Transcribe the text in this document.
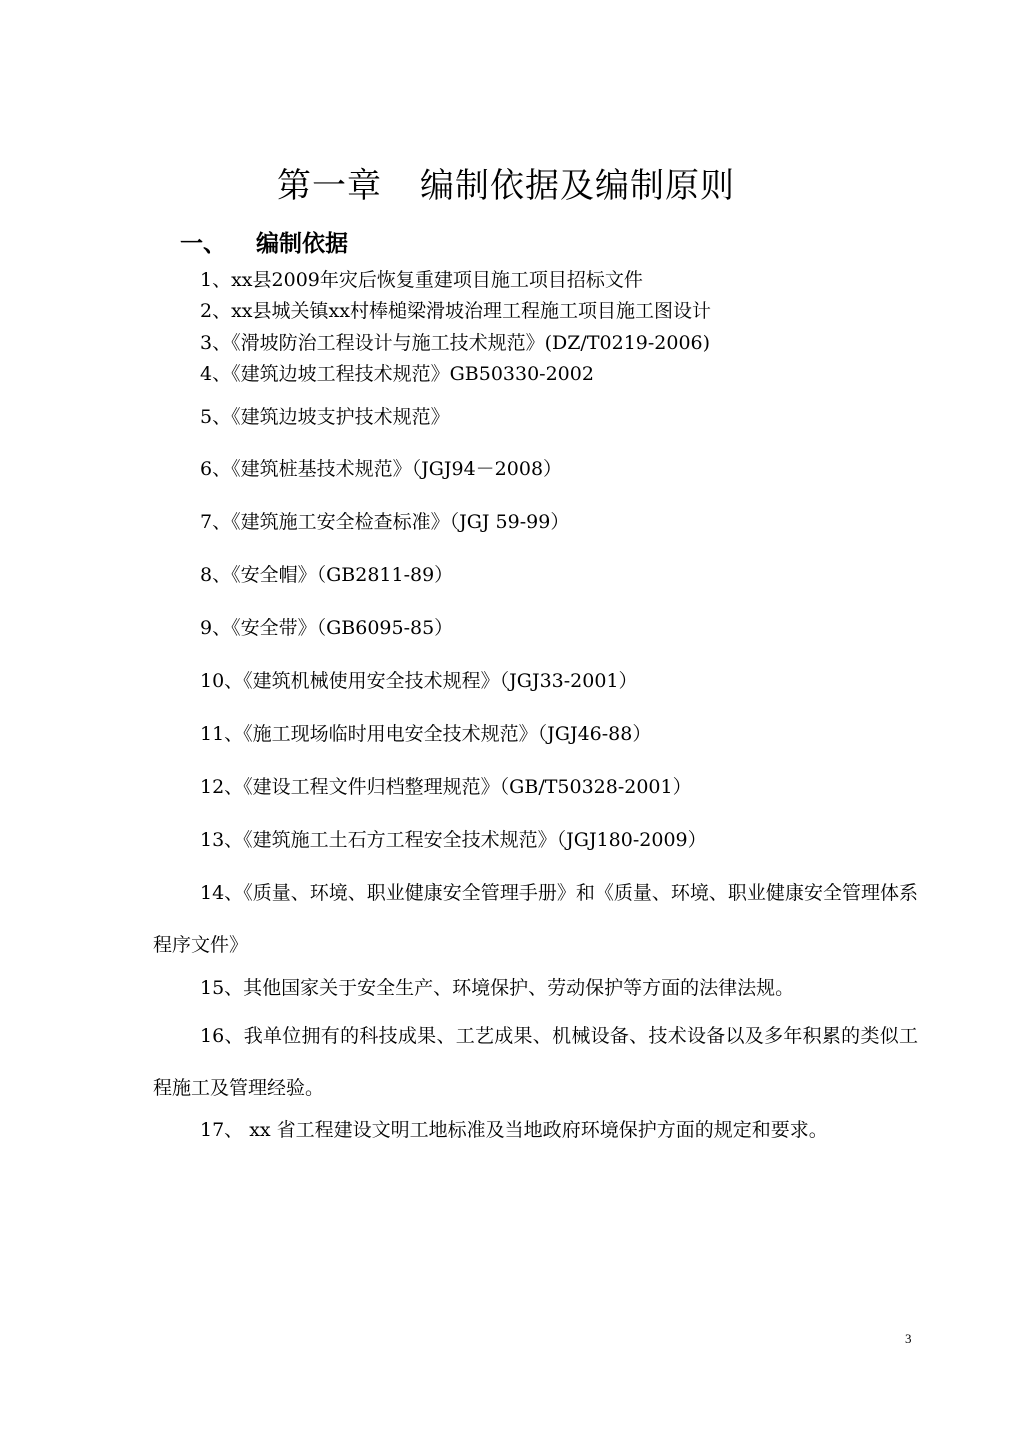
第一章 编制依据及编制原则
一、 编制依据

1、xx县2009年灾后恢复重建项目施工项目招标文件

2、xx县城关镇xx村棒槌梁滑坡治理工程施工项目施工图设计

3、《滑坡防治工程设计与施工技术规范》(DZ/T0219-2006)

4、《建筑边坡工程技术规范》GB50330-2002

5、《建筑边坡支护技术规范》

6、《建筑桩基技术规范》（JGJ94－2008）

7、《建筑施工安全检查标准》（JGJ 59-99）

8、《安全帽》（GB2811-89）

9、《安全带》（GB6095-85）

10、《建筑机械使用安全技术规程》（JGJ33-2001）

11、《施工现场临时用电安全技术规范》（JGJ46-88）

12、《建设工程文件归档整理规范》（GB/T50328-2001）

13、《建筑施工土石方工程安全技术规范》（JGJ180-2009）

14、《质量、环境、职业健康安全管理手册》和《质量、环境、职业健康安全管理体系程序文件》

15、其他国家关于安全生产、环境保护、劳动保护等方面的法律法规。

16、我单位拥有的科技成果、工艺成果、机械设备、技术设备以及多年积累的类似工程施工及管理经验。

17、 xx 省工程建设文明工地标准及当地政府环境保护方面的规定和要求。

3
